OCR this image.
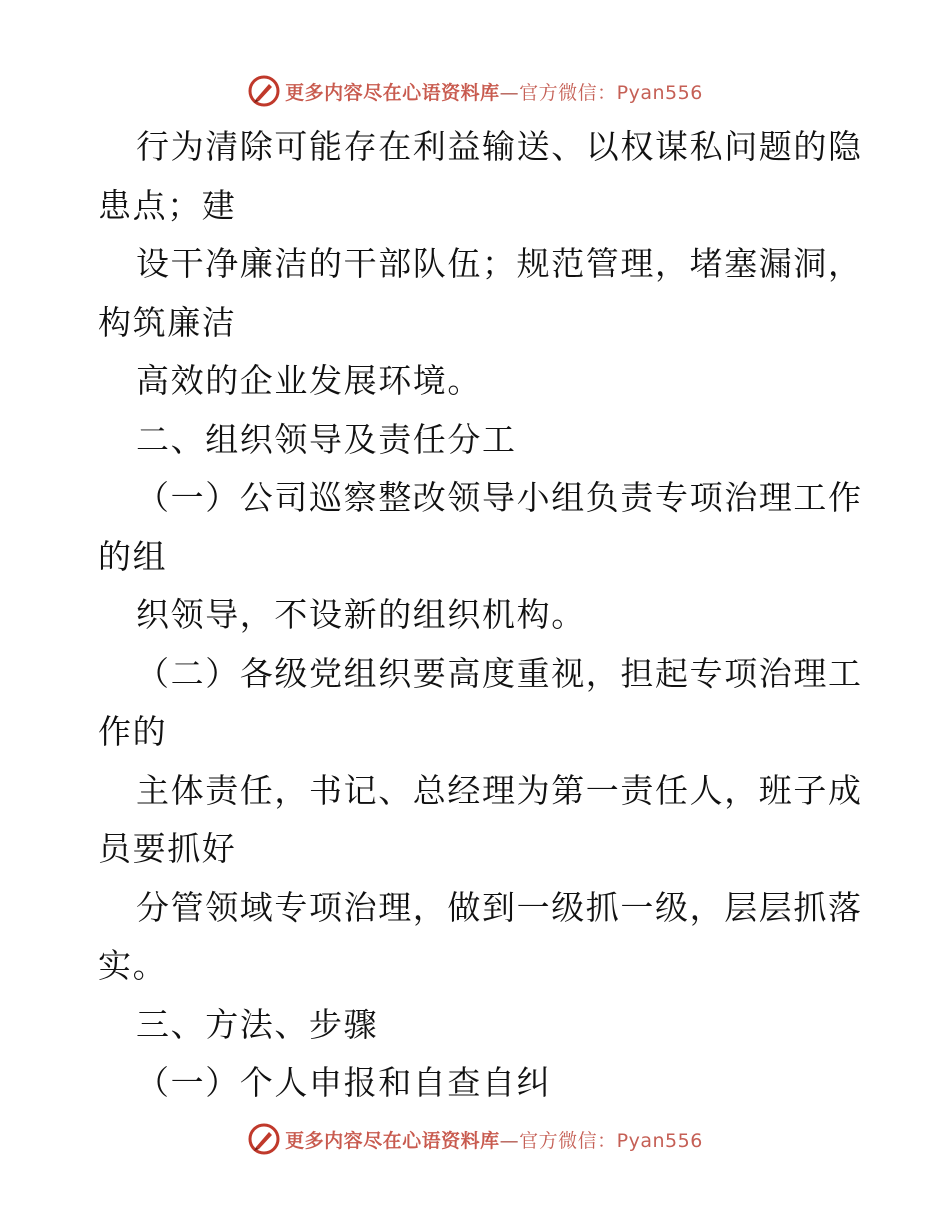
更多内容尽在心语资料库—官方微信：Pyan556
行为清除可能存在利益输送、以权谋私问题的隐
患点；建
设干净廉洁的干部队伍；规范管理，堵塞漏洞，
构筑廉洁
高效的企业发展环境。
二、组织领导及责任分工
（一）公司巡察整改领导小组负责专项治理工作
的组
织领导，不设新的组织机构。
（二）各级党组织要高度重视，担起专项治理工
作的
主体责任，书记、总经理为第一责任人，班子成
员要抓好
分管领域专项治理，做到一级抓一级，层层抓落
实。
三、方法、步骤
（一）个人申报和自查自纠
更多内容尽在心语资料库—官方微信：Pyan556
